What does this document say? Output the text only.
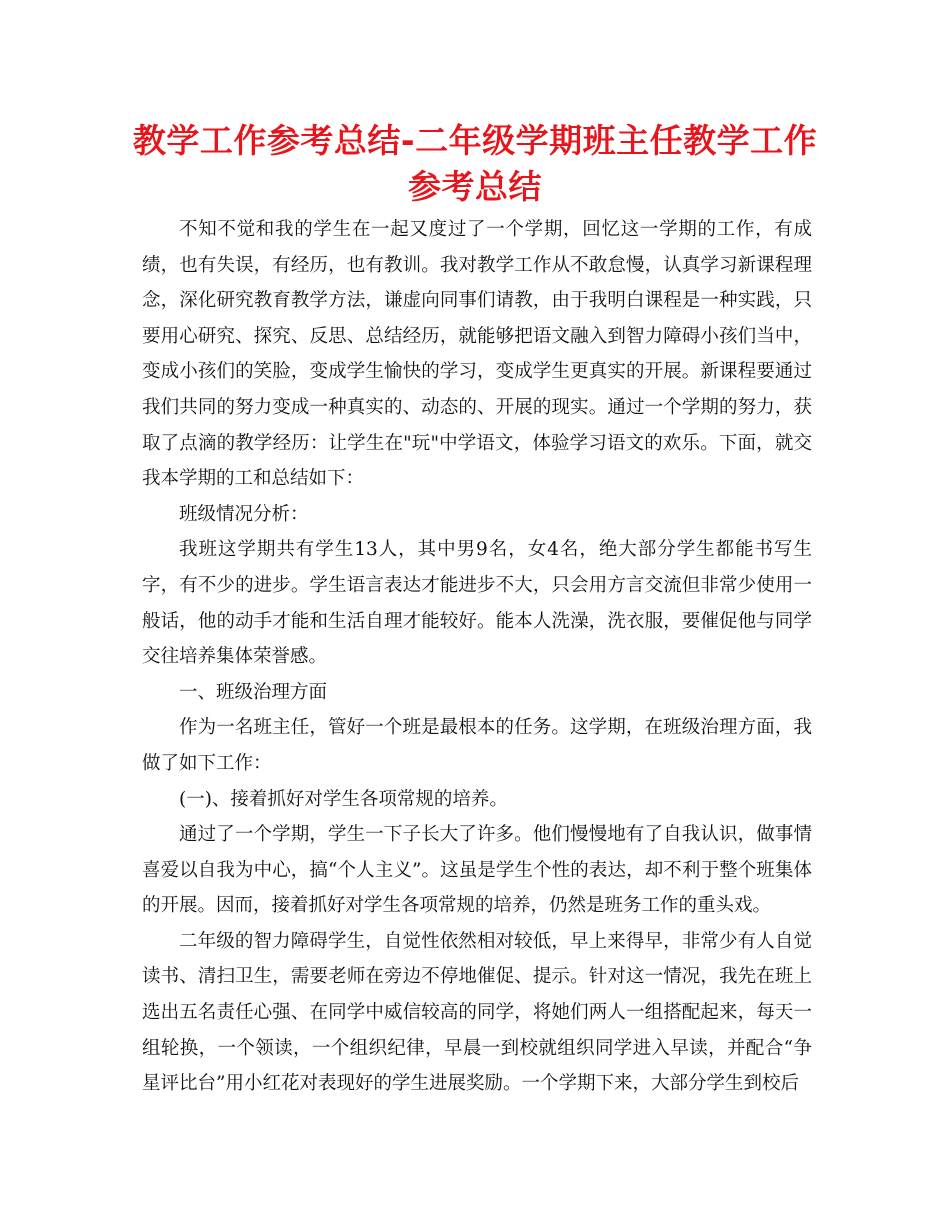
教学工作参考总结-二年级学期班主任教学工作参考总结

不知不觉和我的学生在一起又度过了一个学期，回忆这一学期的工作，有成绩，也有失误，有经历，也有教训。我对教学工作从不敢怠慢，认真学习新课程理念，深化研究教育教学方法，谦虚向同事们请教，由于我明白课程是一种实践，只要用心研究、探究、反思、总结经历，就能够把语文融入到智力障碍小孩们当中，变成小孩们的笑脸，变成学生愉快的学习，变成学生更真实的开展。新课程要通过我们共同的努力变成一种真实的、动态的、开展的现实。通过一个学期的努力，获取了点滴的教学经历：让学生在"玩"中学语文，体验学习语文的欢乐。下面，就交我本学期的工和总结如下：

班级情况分析：

我班这学期共有学生13人，其中男9名，女4名，绝大部分学生都能书写生字，有不少的进步。学生语言表达才能进步不大，只会用方言交流但非常少使用一般话，他的动手才能和生活自理才能较好。能本人洗澡，洗衣服，要催促他与同学交往培养集体荣誉感。

一、班级治理方面

作为一名班主任，管好一个班是最根本的任务。这学期，在班级治理方面，我做了如下工作：

(一)、接着抓好对学生各项常规的培养。

通过了一个学期，学生一下子长大了许多。他们慢慢地有了自我认识，做事情喜爱以自我为中心，搞“个人主义”。这虽是学生个性的表达，却不利于整个班集体的开展。因而，接着抓好对学生各项常规的培养，仍然是班务工作的重头戏。

二年级的智力障碍学生，自觉性依然相对较低，早上来得早，非常少有人自觉读书、清扫卫生，需要老师在旁边不停地催促、提示。针对这一情况，我先在班上选出五名责任心强、在同学中威信较高的同学，将她们两人一组搭配起来，每天一组轮换，一个领读，一个组织纪律，早晨一到校就组织同学进入早读，并配合“争星评比台”用小红花对表现好的学生进展奖励。一个学期下来，大部分学生到校后
